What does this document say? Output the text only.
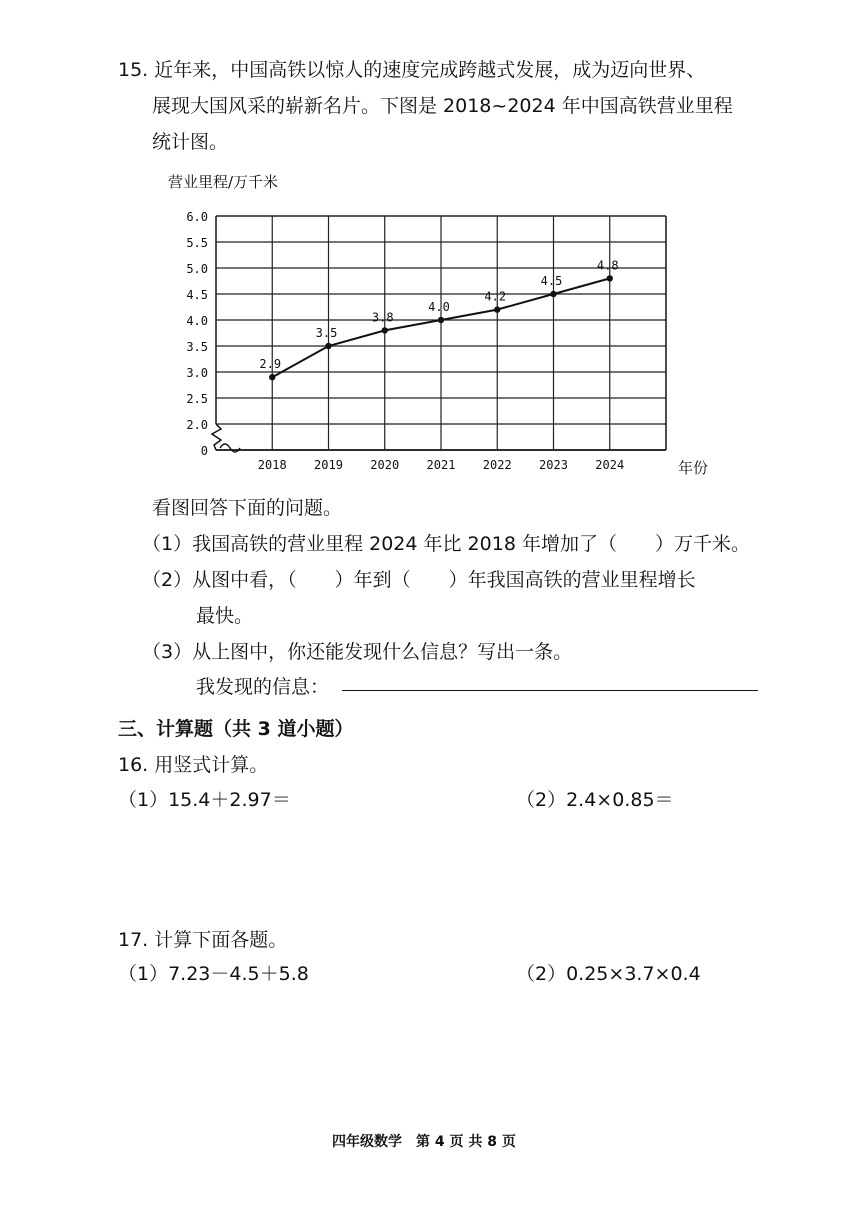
15. 近年来，中国高铁以惊人的速度完成跨越式发展，成为迈向世界、
展现大国风采的崭新名片。下图是 2018~2024 年中国高铁营业里程
统计图。
营业里程/万千米
0
2.0
2.5
3.0
3.5
4.0
4.5
5.0
5.5
6.0
2018 2019 2020 2021 2022 2023 2024
2.9
3.5
3.8
4.0
4.2
4.5
4.8
年份
看图回答下面的问题。
（1）我国高铁的营业里程 2024 年比 2018 年增加了（　　）万千米。
（2）从图中看，（　　）年到（　　）年我国高铁的营业里程增长
最快。
（3）从上图中，你还能发现什么信息？写出一条。
我发现的信息：
三、计算题（共 3 道小题）
16. 用竖式计算。
（1）15.4＋2.97＝	（2）2.4×0.85＝
17. 计算下面各题。
（1）7.23－4.5＋5.8	（2）0.25×3.7×0.4
四年级数学　第 4 页 共 8 页
